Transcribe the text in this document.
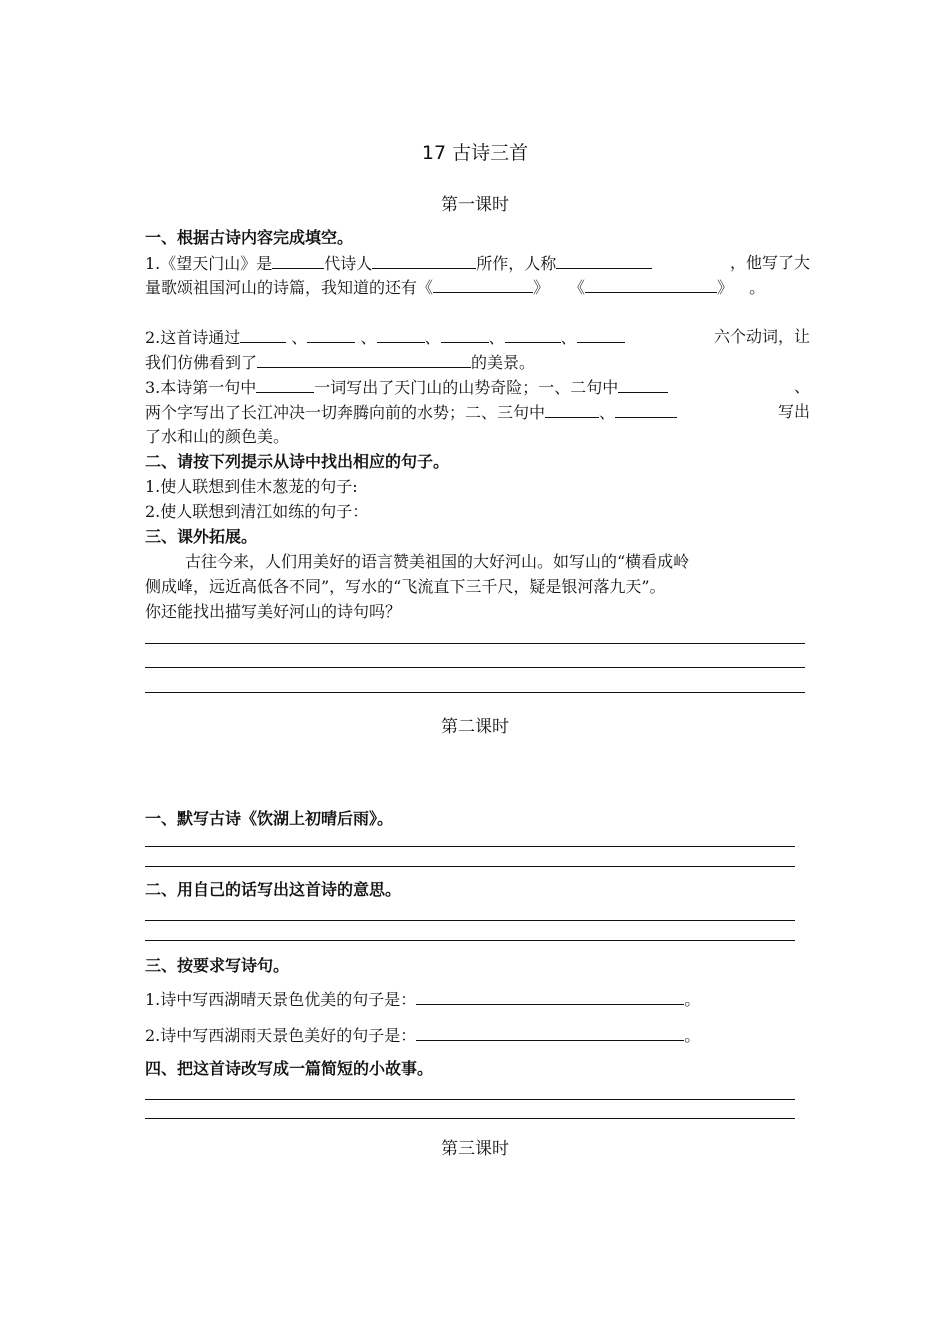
17 古诗三首
第一课时
一、根据古诗内容完成填空。
1.《望天门山》是	代诗人	所作，人称	，他写了大
量歌颂祖国河山的诗篇，我知道的还有《	》 《	》 。
2.这首诗通过	、	、	、	、	、	六个动词，让
我们仿佛看到了	的美景。
3.本诗第一句中	一词写出了天门山的山势奇险；一、二句中	、
两个字写出了长江冲决一切奔腾向前的水势；二、三句中	、	写出
了水和山的颜色美。
二、请按下列提示从诗中找出相应的句子。
1.使人联想到佳木葱茏的句子:
2.使人联想到清江如练的句子：
三、课外拓展。
古往今来，人们用美好的语言赞美祖国的大好河山。如写山的“横看成岭
侧成峰，远近高低各不同”，写水的“飞流直下三千尺，疑是银河落九天”。
你还能找出描写美好河山的诗句吗？
第二课时
一、默写古诗《饮湖上初晴后雨》。
二、用自己的话写出这首诗的意思。
三、按要求写诗句。
1.诗中写西湖晴天景色优美的句子是：	。
2.诗中写西湖雨天景色美好的句子是：	。
四、把这首诗改写成一篇简短的小故事。
第三课时
